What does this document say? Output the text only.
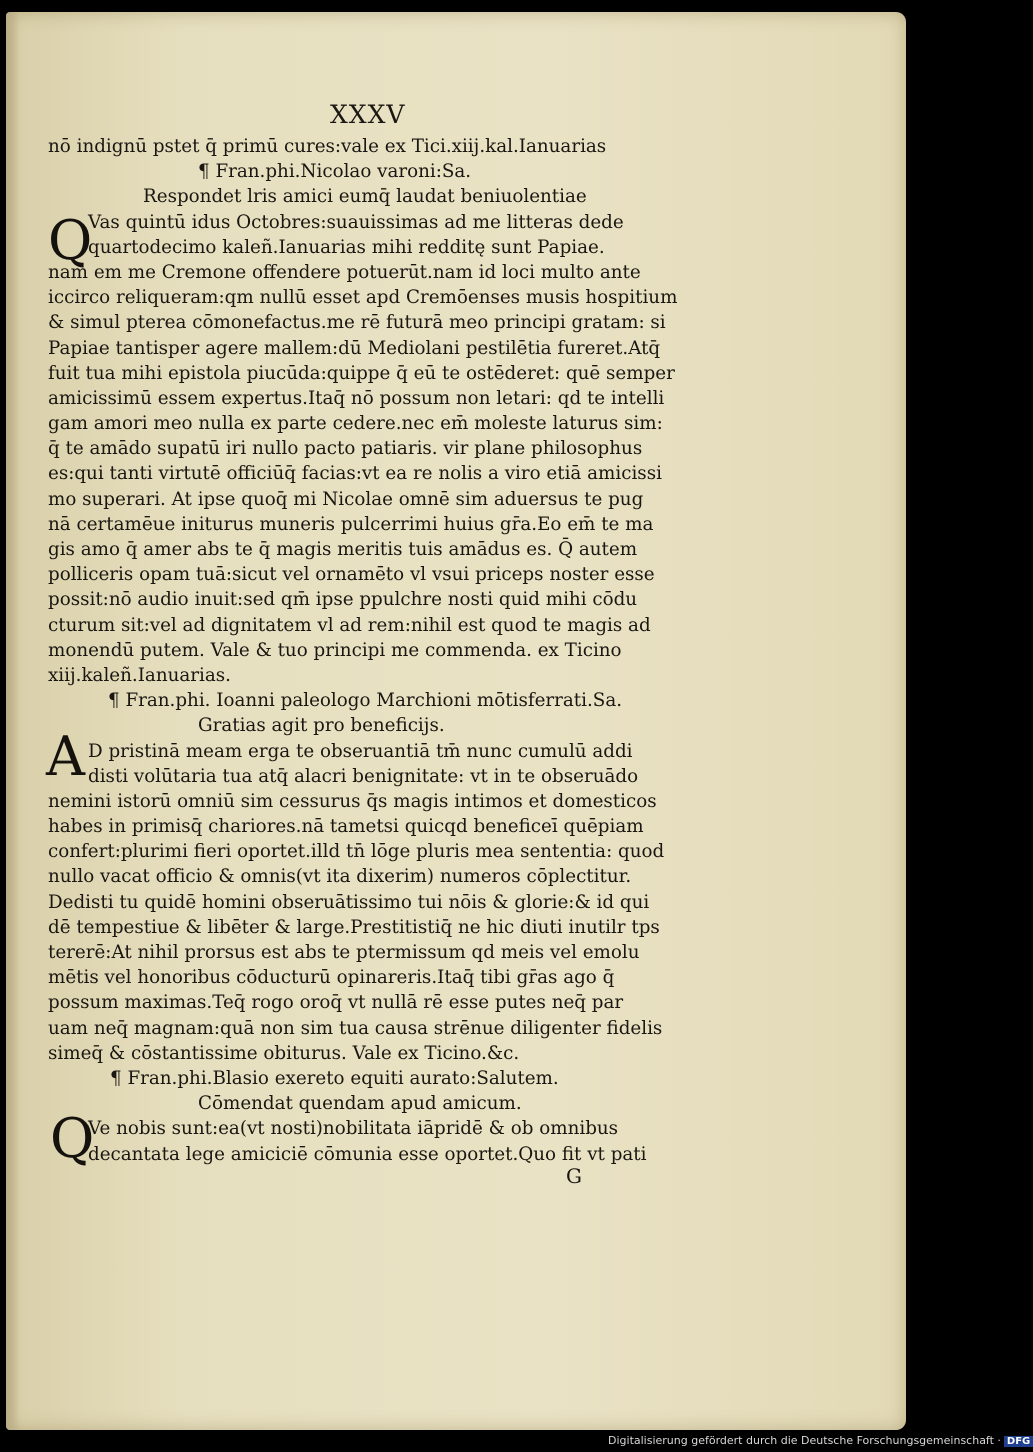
XXXV
Q
A
Q
nō indignū pstet q̄ primū cures:vale ex Tici.xiij.kal.Ianuarias
¶ Fran.phi.Nicolao varoni:Sa.
Respondet lris amici eumq̄ laudat beniuolentiae
Vas quintū idus Octobres:suauissimas ad me litteras dede
quartodecimo kaleñ.Ianuarias mihi redditę sunt Papiae.
nam em me Cremone offendere potuerūt.nam id loci multo ante
iccirco reliqueram:qm nullū esset apd Cremōenses musis hospitium
& simul ptereа cōmonefactus.me rē futurā meo principi gratam: si
Papiae tantisper agere mallem:dū Mediolani pestilētia fureret.Atq̄
fuit tua mihi epistola piucūda:quippe q̄ eū te ostēderet: quē semper
amicissimū essem expertus.Itaq̄ nō possum non letari: qd te intelli
gam amori meo nulla ex parte cedere.nec em̄ moleste laturus sim:
q̄ te amādo supatū iri nullo pacto patiaris. vir plane philosophus
es:qui tanti virtutē officiūq̄ facias:vt ea re nolis a viro etiā amicissi
mo superari. At ipse quoq̄ mi Nicolae omnē sim aduersus te pug
nā certamēue initurus muneris pulcerrimi huius gr̄a.Eo em̄ te ma
gis amo q̄ amer abs te q̄ magis meritis tuis amādus es. Q̄ autem
polliceris opam tuā:sicut vel ornamēto vl vsui priceps noster esse
possit:nō audio inuit:sed qm̄ ipse ppulchre nosti quid mihi cōdu
cturum sit:vel ad dignitatem vl ad rem:nihil est quod te magis ad
monendū putem. Vale & tuo principi me commenda. ex Ticino
xiij.kaleñ.Ianuarias.
¶ Fran.phi. Ioanni paleologo Marchioni mōtisferrati.Sa.
Gratias agit pro beneficijs.
D pristinā meam erga te obseruantiā tm̄ nunc cumulū addi
disti volūtaria tua atq̄ alacri benignitate: vt in te obseruādo
nemini istorū omniū sim cessurus q̄s magis intimos et domesticos
habes in primisq̄ chariores.nā tametsi quicqd beneficeī quēpiam
confert:plurimi fieri oportet.illd tn̄ lōge pluris mea sententia: quod
nullo vacat officio & omnis(vt ita dixerim) numeros cōplectitur.
Dedisti tu quidē homini obseruātissimo tui nōis & glorie:& id qui
dē tempestiue & libēter & large.Prestitistiq̄ ne hic diuti inutilr tps
tererē:At nihil prorsus est abs te ptermissum qd meis vel emolu
mētis vel honoribus cōducturū opinareris.Itaq̄ tibi gr̄as ago q̄
possum maximas.Teq̄ rogo oroq̄ vt nullā rē esse putes neq̄ par
uam neq̄ magnam:quā non sim tua causa strēnue diligenter fidelis
simeq̄ & cōstantissime obiturus. Vale ex Ticino.&c.
¶ Fran.phi.Blasio exereto equiti aurato:Salutem.
Cōmendat quendam apud amicum.
Ve nobis sunt:ea(vt nosti)nobilitata iāpridē & ob omnibus
decantata lege amiciciē cōmunia esse oportet.Quo fit vt pati
G
Digitalisierung gefördert durch die Deutsche Forschungsgemeinschaft · DFG
